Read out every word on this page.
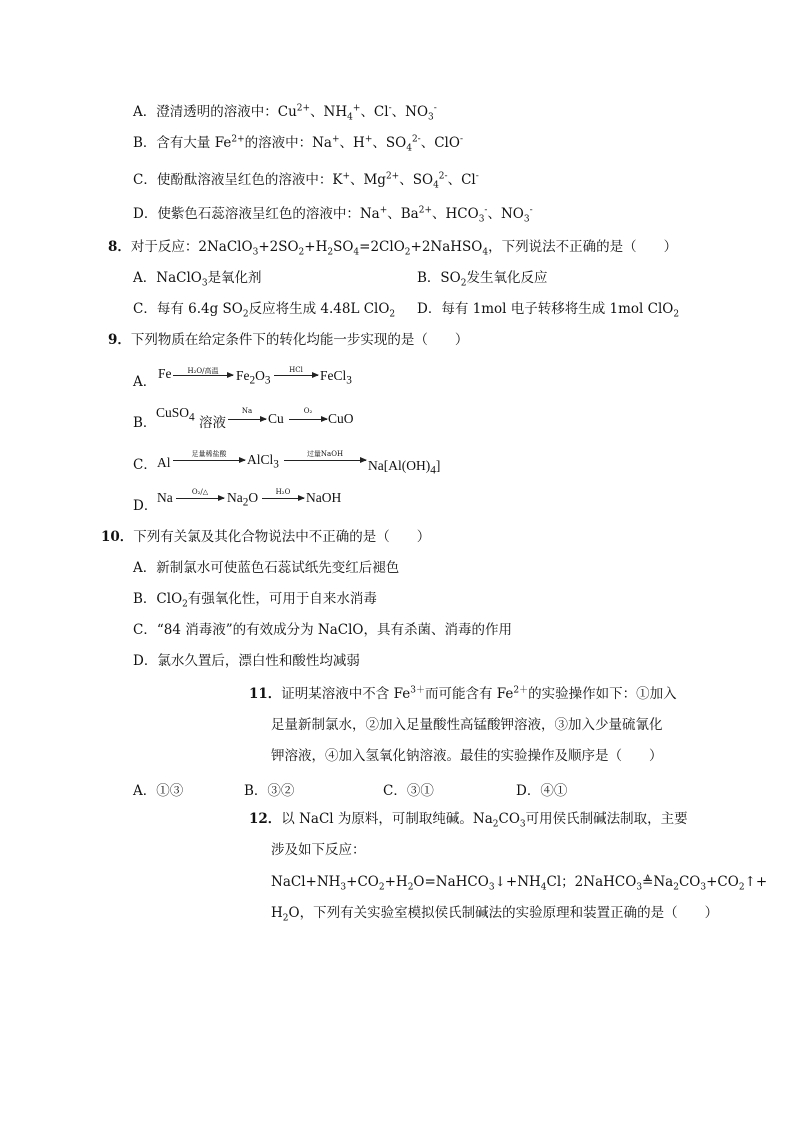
A．澄清透明的溶液中：$Cu^{2+}$、$NH_4^+$、Cl-、$NO_3^-$
B．含有大量 $Fe^{2+}$的溶液中：Na+、H+、$SO_4^{2-}$、ClO-
C．使酚酞溶液呈红色的溶液中：K+、$Mg^{2+}$、$SO_4^{2-}$、Cl-
D．使紫色石蕊溶液呈红色的溶液中：Na+、$Ba^{2+}$、$HCO_3^-$、$NO_3^-$
8．对于反应：$2NaClO_3+2SO_2+H_2SO_4=2ClO_2+2NaHSO_4$，下列说法不正确的是（　　）
A．NaClO$_3$是氧化剂	B．$SO_2$发生氧化反应
C．每有 6.4g $SO_2$反应将生成 4.48L ClO$_2$ D．每有 1mol 电子转移将生成 1mol ClO$_2$
9．下列物质在给定条件下的转化均能一步实现的是（　　）
A．
Fe	H₂O/高温	$Fe_2O_3$
HCl	FeCl$_3$
B．
CuSO$_4$ 溶液
Na	Cu	O₂	CuO
C． Al
足量稀盐酸	AlCl$_3$
过量NaOH
$Na[Al(OH)_4]$
D．
Na	O₂/△	$Na_2O$	H₂O	NaOH
10．下列有关氯及其化合物说法中不正确的是（　　）
A．新制氯水可使蓝色石蕊试纸先变红后褪色
B．ClO$_2$有强氧化性，可用于自来水消毒
C．“84 消毒液”的有效成分为 NaClO，具有杀菌、消毒的作用
D．氯水久置后，漂白性和酸性均减弱
11．证明某溶液中不含 $Fe^{3+}$而可能含有 $Fe^{2+}$的实验操作如下：①加入
足量新制氯水，②加入足量酸性高锰酸钾溶液，③加入少量硫氰化
钾溶液，④加入氢氧化钠溶液。最佳的实验操作及顺序是（　　）
A．①③	B．③②	C．③①	D．④①
12．以 NaCl 为原料，可制取纯碱。$Na_2CO_3$可用侯氏制碱法制取，主要
涉及如下反应：
$NaCl+NH_3+CO_2+H_2O=NaHCO_3↓+NH_4Cl$；$2NaHCO_3≜Na_2CO_3+CO_2↑+$
$H_2O$，下列有关实验室模拟侯氏制碱法的实验原理和装置正确的是（　　）
